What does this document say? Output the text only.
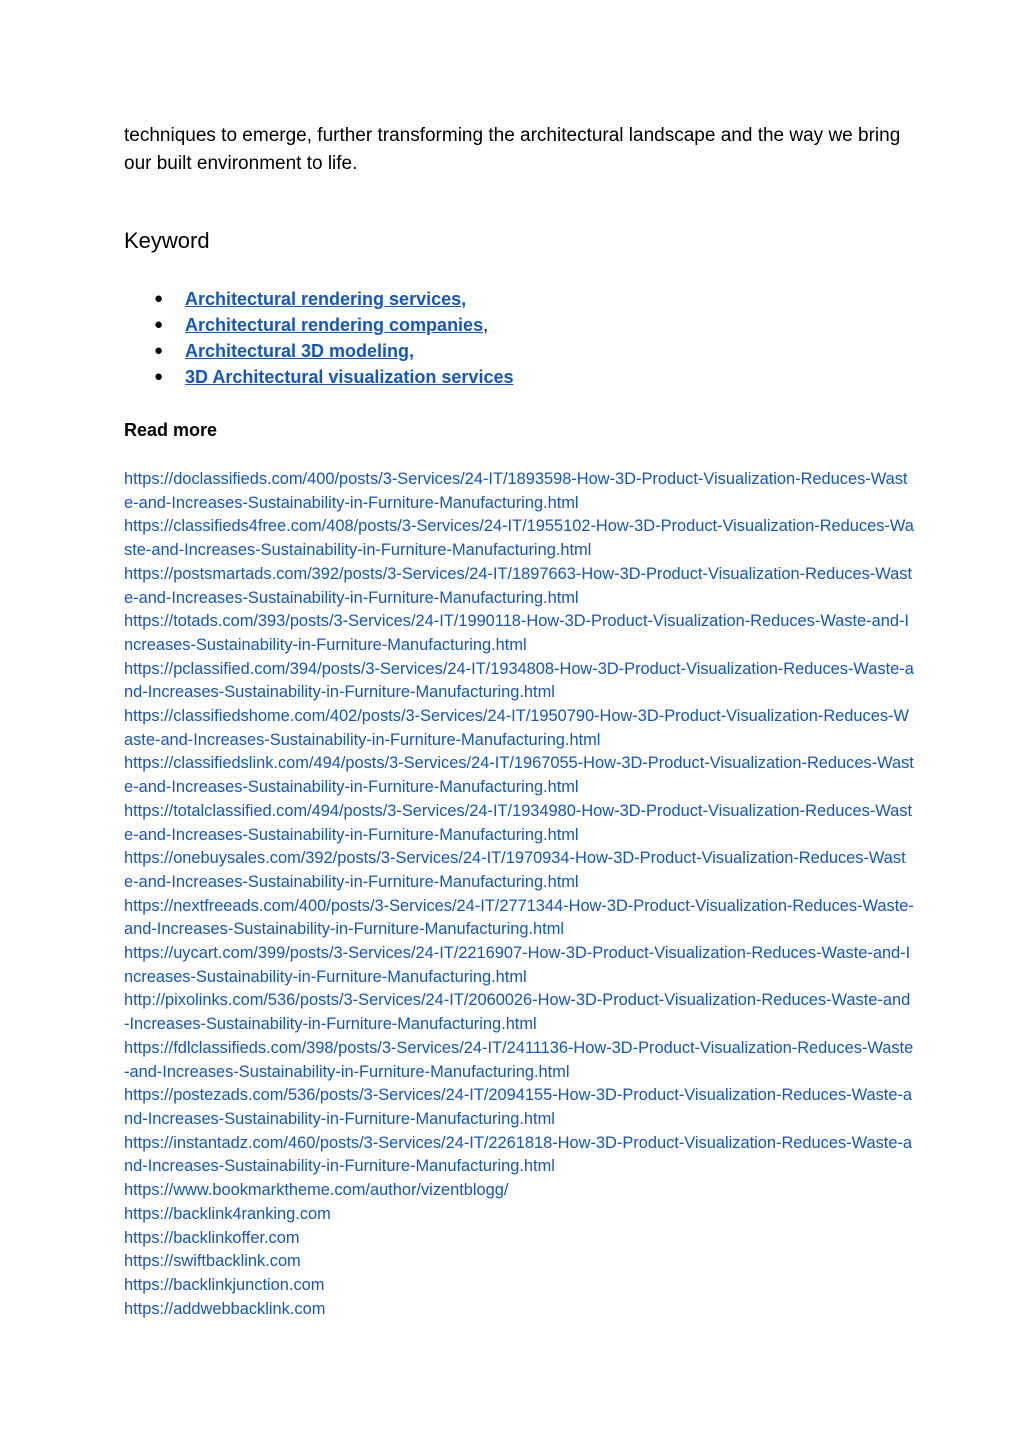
techniques to emerge, further transforming the architectural landscape and the way we bring our built environment to life.

Keyword
● Architectural rendering services,
● Architectural rendering companies,
● Architectural 3D modeling,
● 3D Architectural visualization services

Read more

https://doclassifieds.com/400/posts/3-Services/24-IT/1893598-How-3D-Product-Visualization-Reduces-Waste-and-Increases-Sustainability-in-Furniture-Manufacturing.html
https://classifieds4free.com/408/posts/3-Services/24-IT/1955102-How-3D-Product-Visualization-Reduces-Waste-and-Increases-Sustainability-in-Furniture-Manufacturing.html
https://postsmartads.com/392/posts/3-Services/24-IT/1897663-How-3D-Product-Visualization-Reduces-Waste-and-Increases-Sustainability-in-Furniture-Manufacturing.html
https://totads.com/393/posts/3-Services/24-IT/1990118-How-3D-Product-Visualization-Reduces-Waste-and-Increases-Sustainability-in-Furniture-Manufacturing.html
https://pclassified.com/394/posts/3-Services/24-IT/1934808-How-3D-Product-Visualization-Reduces-Waste-and-Increases-Sustainability-in-Furniture-Manufacturing.html
https://classifiedshome.com/402/posts/3-Services/24-IT/1950790-How-3D-Product-Visualization-Reduces-Waste-and-Increases-Sustainability-in-Furniture-Manufacturing.html
https://classifiedslink.com/494/posts/3-Services/24-IT/1967055-How-3D-Product-Visualization-Reduces-Waste-and-Increases-Sustainability-in-Furniture-Manufacturing.html
https://totalclassified.com/494/posts/3-Services/24-IT/1934980-How-3D-Product-Visualization-Reduces-Waste-and-Increases-Sustainability-in-Furniture-Manufacturing.html
https://onebuysales.com/392/posts/3-Services/24-IT/1970934-How-3D-Product-Visualization-Reduces-Waste-and-Increases-Sustainability-in-Furniture-Manufacturing.html
https://nextfreeads.com/400/posts/3-Services/24-IT/2771344-How-3D-Product-Visualization-Reduces-Waste-and-Increases-Sustainability-in-Furniture-Manufacturing.html
https://uycart.com/399/posts/3-Services/24-IT/2216907-How-3D-Product-Visualization-Reduces-Waste-and-Increases-Sustainability-in-Furniture-Manufacturing.html
http://pixolinks.com/536/posts/3-Services/24-IT/2060026-How-3D-Product-Visualization-Reduces-Waste-and-Increases-Sustainability-in-Furniture-Manufacturing.html
https://fdlclassifieds.com/398/posts/3-Services/24-IT/2411136-How-3D-Product-Visualization-Reduces-Waste-and-Increases-Sustainability-in-Furniture-Manufacturing.html
https://postezads.com/536/posts/3-Services/24-IT/2094155-How-3D-Product-Visualization-Reduces-Waste-and-Increases-Sustainability-in-Furniture-Manufacturing.html
https://instantadz.com/460/posts/3-Services/24-IT/2261818-How-3D-Product-Visualization-Reduces-Waste-and-Increases-Sustainability-in-Furniture-Manufacturing.html
https://www.bookmarktheme.com/author/vizentblogg/
https://backlink4ranking.com
https://backlinkoffer.com
https://swiftbacklink.com
https://backlinkjunction.com
https://addwebbacklink.com
